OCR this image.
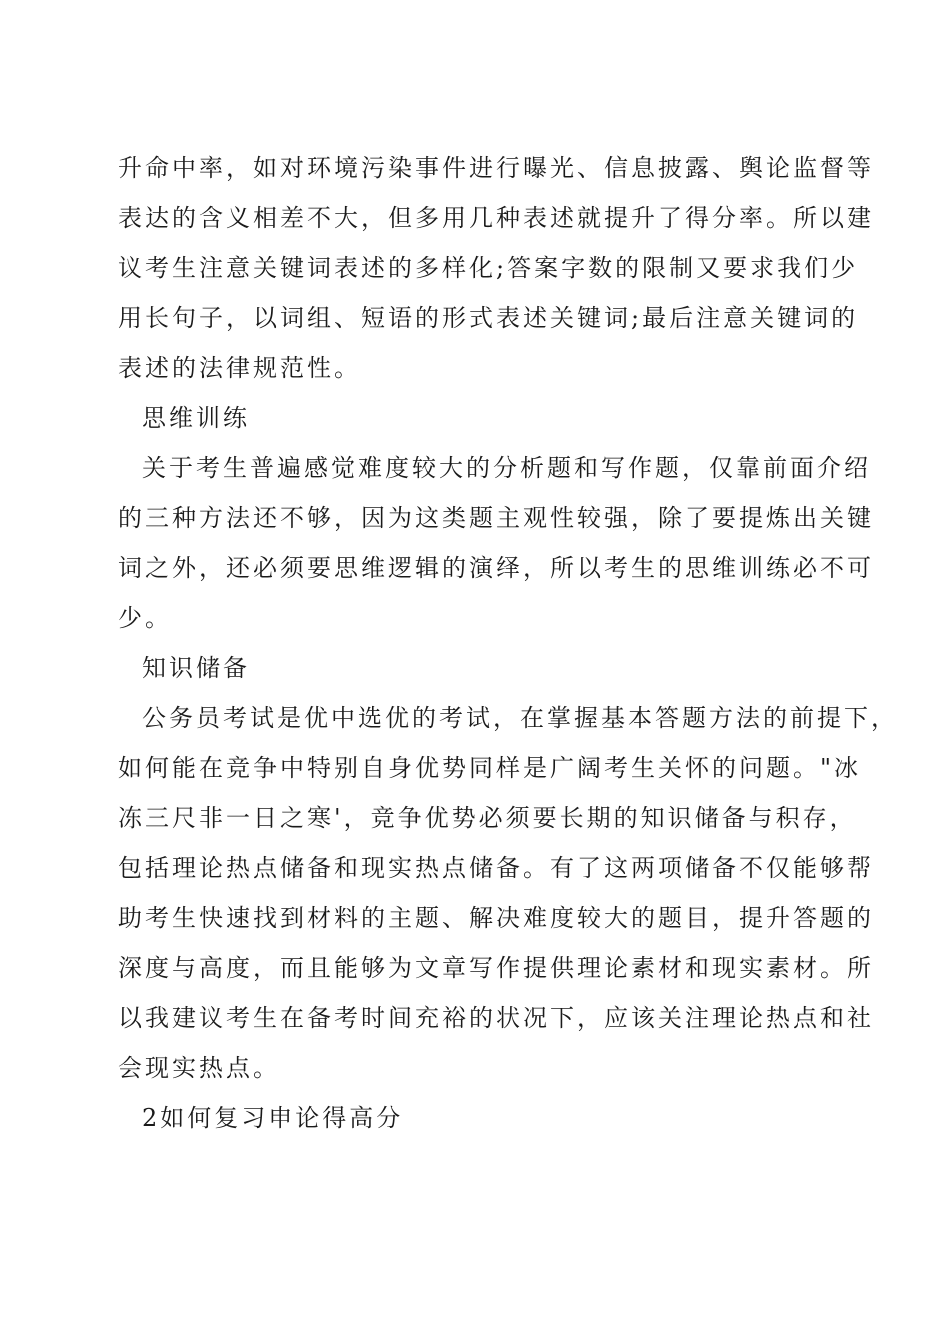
升命中率，如对环境污染事件进行曝光、信息披露、舆论监督等
表达的含义相差不大，但多用几种表述就提升了得分率。所以建
议考生注意关键词表述的多样化;答案字数的限制又要求我们少
用长句子，以词组、短语的形式表述关键词;最后注意关键词的
表述的法律规范性。
思维训练
关于考生普遍感觉难度较大的分析题和写作题，仅靠前面介绍
的三种方法还不够，因为这类题主观性较强，除了要提炼出关键
词之外，还必须要思维逻辑的演绎，所以考生的思维训练必不可
少。
知识储备
公务员考试是优中选优的考试，在掌握基本答题方法的前提下，
如何能在竞争中特别自身优势同样是广阔考生关怀的问题。"冰
冻三尺非一日之寒'，竞争优势必须要长期的知识储备与积存，
包括理论热点储备和现实热点储备。有了这两项储备不仅能够帮
助考生快速找到材料的主题、解决难度较大的题目，提升答题的
深度与高度，而且能够为文章写作提供理论素材和现实素材。所
以我建议考生在备考时间充裕的状况下，应该关注理论热点和社
会现实热点。
2如何复习申论得高分
